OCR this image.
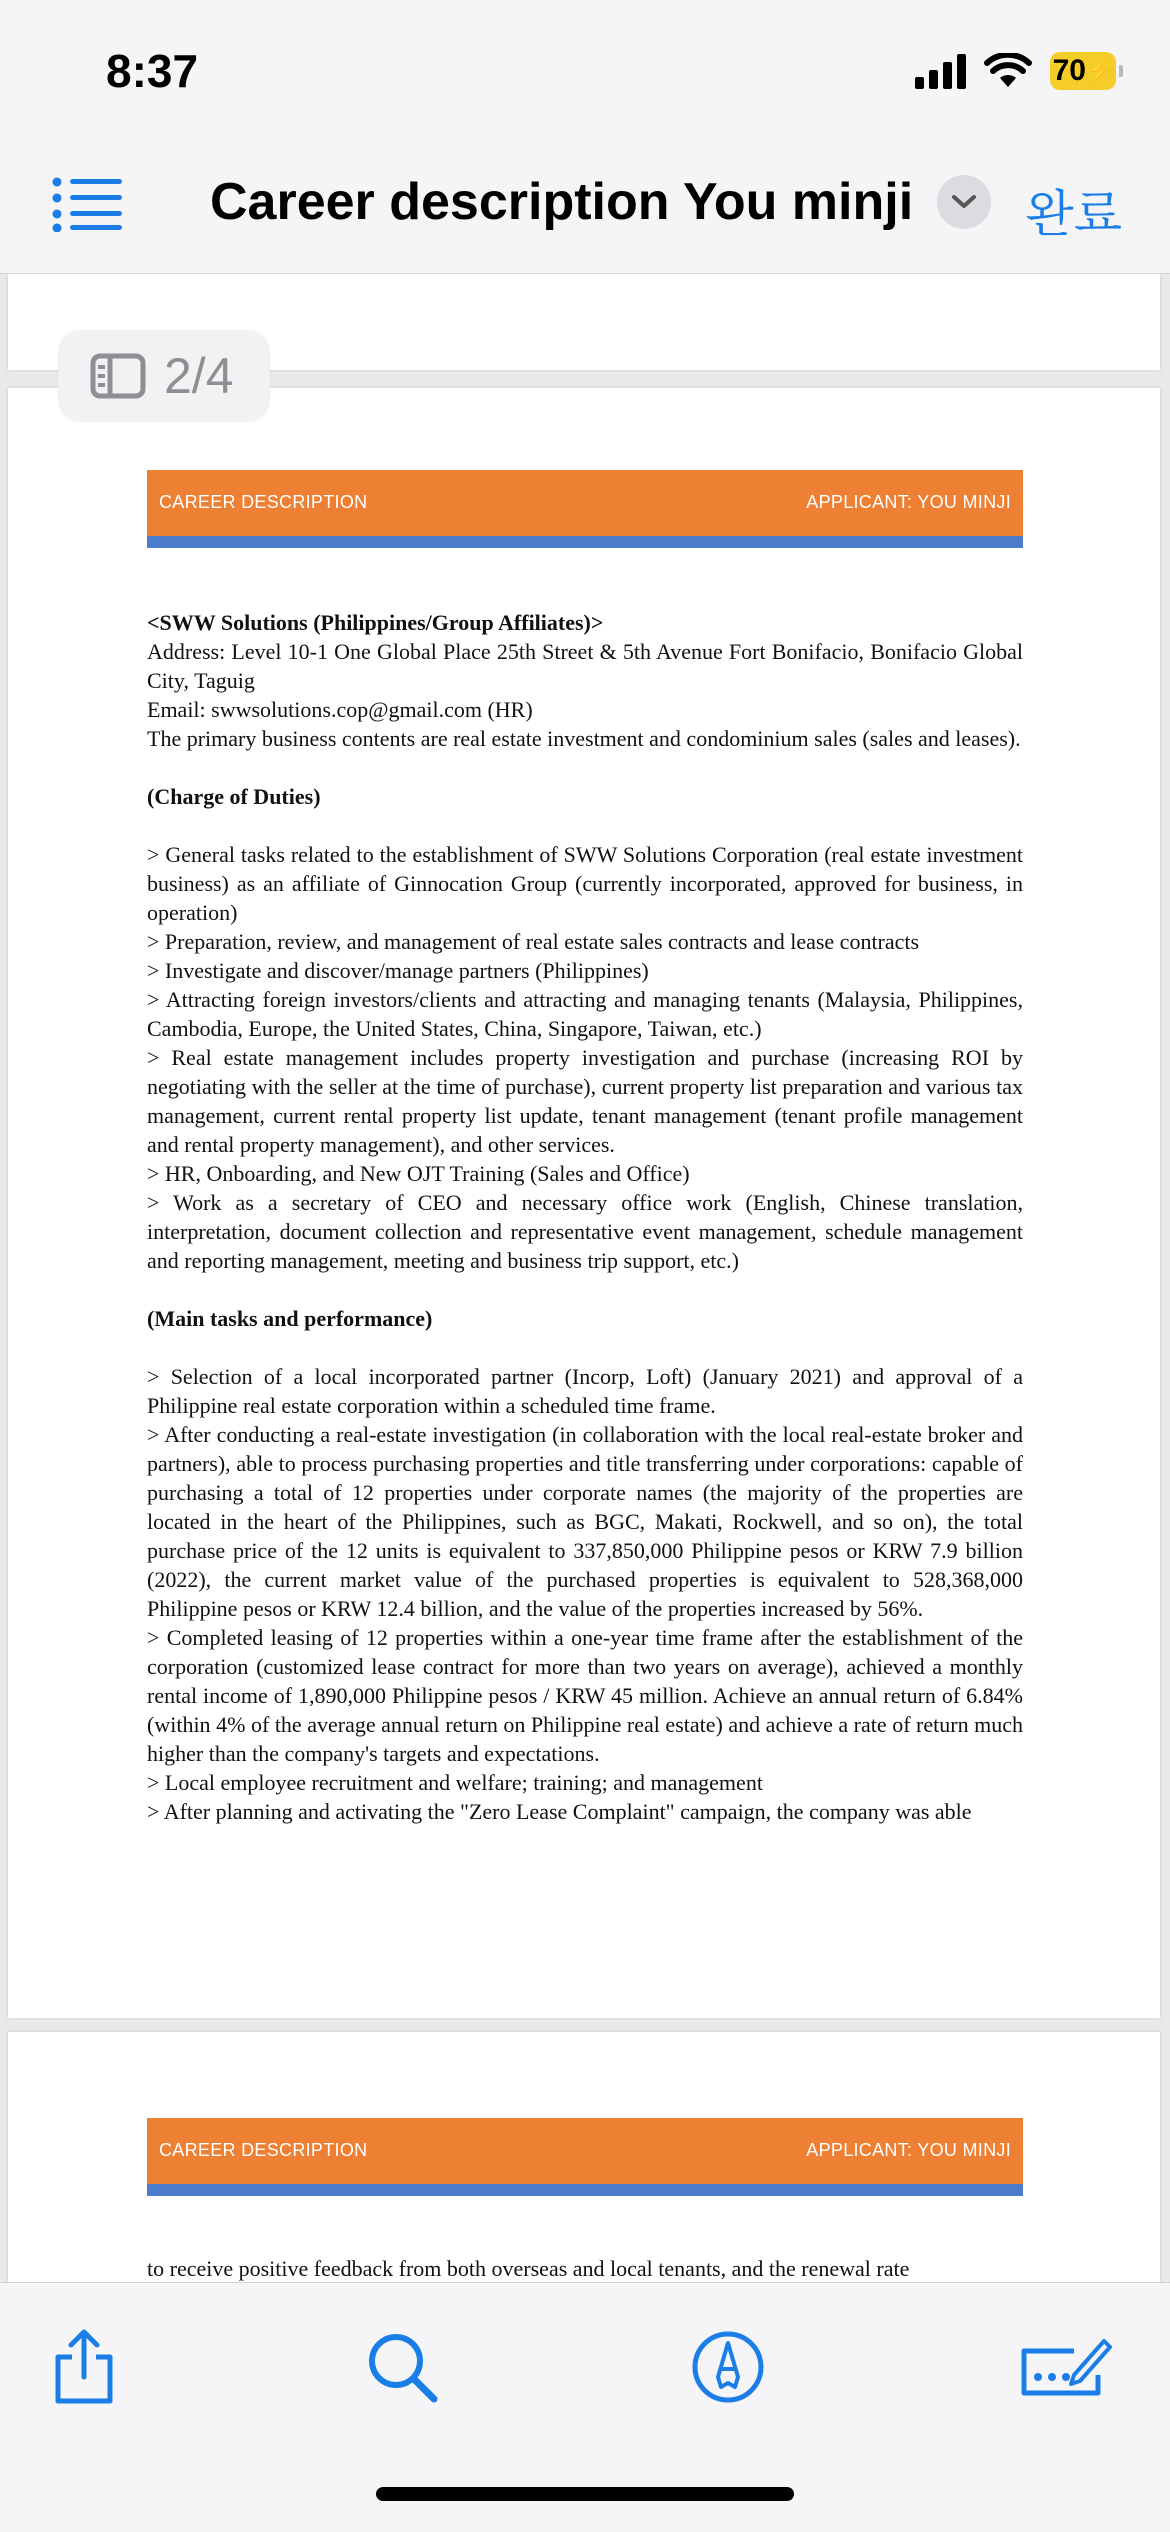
8:37	70 ⚡
Career description You minji 완료
2/4
CAREER DESCRIPTION	APPLICANT: YOU MINJI

<SWW Solutions (Philippines/Group Affiliates)>

Address: Level 10-1 One Global Place 25th Street & 5th Avenue Fort Bonifacio, Bonifacio Global City, Taguig

Email: swwsolutions.cop@gmail.com (HR)

The primary business contents are real estate investment and condominium sales (sales and leases).

(Charge of Duties)

> General tasks related to the establishment of SWW Solutions Corporation (real estate investment business) as an affiliate of Ginnocation Group (currently incorporated, approved for business, in operation)

> Preparation, review, and management of real estate sales contracts and lease contracts

> Investigate and discover/manage partners (Philippines)

> Attracting foreign investors/clients and attracting and managing tenants (Malaysia, Philippines, Cambodia, Europe, the United States, China, Singapore, Taiwan, etc.)

> Real estate management includes property investigation and purchase (increasing ROI by negotiating with the seller at the time of purchase), current property list preparation and various tax management, current rental property list update, tenant management (tenant profile management and rental property management), and other services.

> HR, Onboarding, and New OJT Training (Sales and Office)

> Work as a secretary of CEO and necessary office work (English, Chinese translation, interpretation, document collection and representative event management, schedule management and reporting management, meeting and business trip support, etc.)

(Main tasks and performance)

> Selection of a local incorporated partner (Incorp, Loft) (January 2021) and approval of a Philippine real estate corporation within a scheduled time frame.

> After conducting a real-estate investigation (in collaboration with the local real-estate broker and partners), able to process purchasing properties and title transferring under corporations: capable of purchasing a total of 12 properties under corporate names (the majority of the properties are located in the heart of the Philippines, such as BGC, Makati, Rockwell, and so on), the total purchase price of the 12 units is equivalent to 337,850,000 Philippine pesos or KRW 7.9 billion (2022), the current market value of the purchased properties is equivalent to 528,368,000 Philippine pesos or KRW 12.4 billion, and the value of the properties increased by 56%.

> Completed leasing of 12 properties within a one-year time frame after the establishment of the corporation (customized lease contract for more than two years on average), achieved a monthly rental income of 1,890,000 Philippine pesos / KRW 45 million. Achieve an annual return of 6.84% (within 4% of the average annual return on Philippine real estate) and achieve a rate of return much higher than the company's targets and expectations.

> Local employee recruitment and welfare; training; and management

> After planning and activating the "Zero Lease Complaint" campaign, the company was able

CAREER DESCRIPTION	APPLICANT: YOU MINJI

to receive positive feedback from both overseas and local tenants, and the renewal rate
